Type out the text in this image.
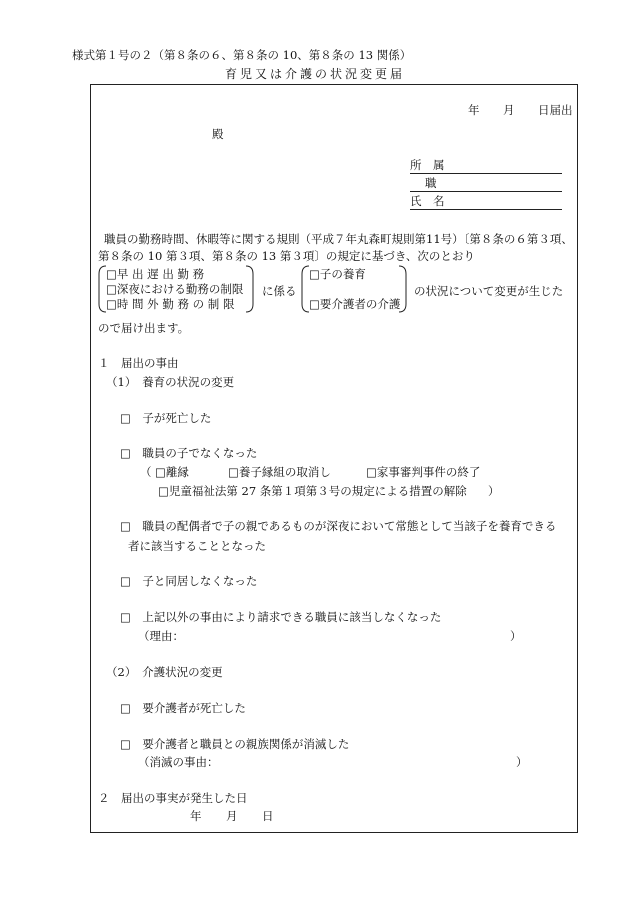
様式第１号の２（第８条の６、第８条の 10、第８条の 13 関係）
育児又は介護の状況変更届
年 月 日届出
殿
所　属
職
氏　名
職員の勤務時間、休暇等に関する規則（平成７年丸森町規則第11号）〔第８条の６第３項、
第８条の 10 第３項、第８条の 13 第３項〕の規定に基づき、次のとおり
□早 出 遅 出 勤 務
□深夜における勤務の制限
□時 間 外 勤 務 の 制 限
に係る
□子の養育
□要介護者の介護
の状況について変更が生じた
ので届け出ます。
１　届出の事由
（1）　養育の状況の変更
□　子が死亡した
□　職員の子でなくなった
（ □離縁	□養子縁組の取消し	□家事審判事件の終了
□児童福祉法第 27 条第１項第３号の規定による措置の解除 ）
□　職員の配偶者で子の親であるものが深夜において常態として当該子を養育できる
者に該当することとなった
□　子と同居しなくなった
□　上記以外の事由により請求できる職員に該当しなくなった
（理由：	）
（2）　介護状況の変更
□　要介護者が死亡した
□　要介護者と職員との親族関係が消滅した
（消滅の事由：	）
２　届出の事実が発生した日
年 月 日
